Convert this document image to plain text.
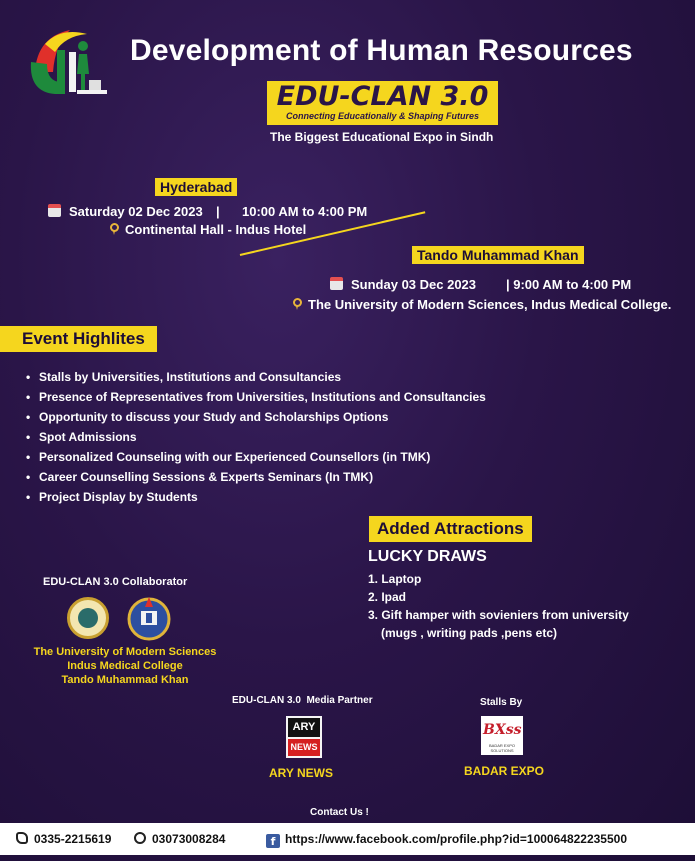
Development of Human Resources
EDU-CLAN 3.0
Connecting Educationally & Shaping Futures
The Biggest Educational Expo in Sindh
Hyderabad
Saturday 02 Dec 2023 | 10:00 AM to 4:00 PM
Continental Hall - Indus Hotel
Tando Muhammad Khan
Sunday 03 Dec 2023 | 9:00 AM to 4:00 PM
The University of Modern Sciences, Indus Medical College.
Event Highlites
• Stalls by Universities, Institutions and Consultancies
• Presence of Representatives from Universities, Institutions and Consultancies
• Opportunity to discuss your Study and Scholarships Options
• Spot Admissions
• Personalized Counseling with our Experienced Counsellors (in TMK)
• Career Counselling Sessions & Experts Seminars (In TMK)
• Project Display by Students
Added Attractions
LUCKY DRAWS
1. Laptop
2. Ipad
3. Gift hamper with sovieniers from university
(mugs , writing pads ,pens etc)
EDU-CLAN 3.0 Collaborator
The University of Modern Sciences
Indus Medical College
Tando Muhammad Khan
EDU-CLAN 3.0  Media Partner
ARY
NEWS
ARY NEWS
Stalls By
BXss
BADAR EXPO SOLUTIONS
BADAR EXPO
Contact Us !
0335-2215619	03073008284	f https://www.facebook.com/profile.php?id=100064822235500
